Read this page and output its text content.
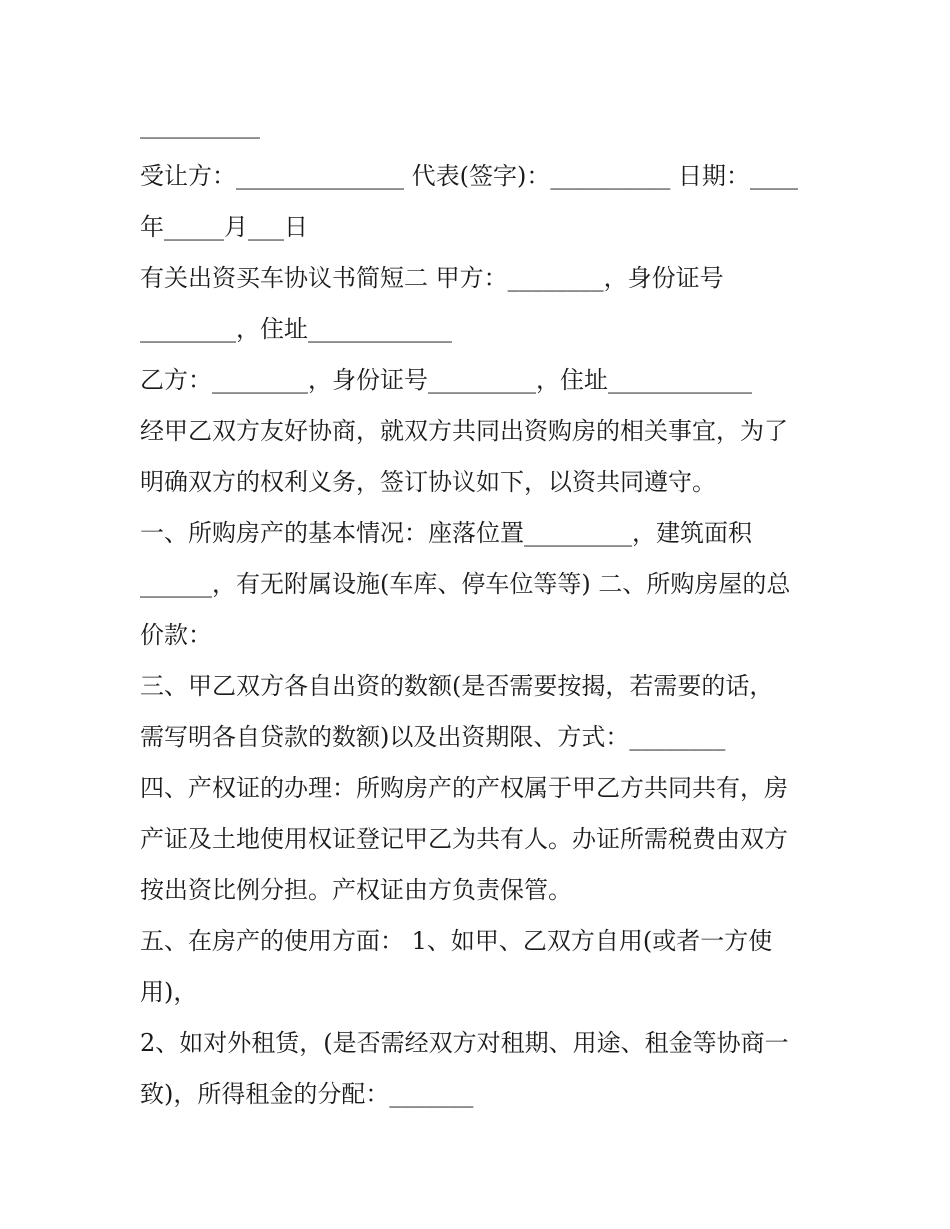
__________
受让方：______________ 代表(签字)：__________ 日期：____
年_____月___日
有关出资买车协议书简短二 甲方：________，身份证号
________，住址____________
乙方：________，身份证号_________，住址____________
经甲乙双方友好协商，就双方共同出资购房的相关事宜，为了
明确双方的权利义务，签订协议如下，以资共同遵守。
一、所购房产的基本情况：座落位置_________，建筑面积
______，有无附属设施(车库、停车位等等) 二、所购房屋的总
价款：
三、甲乙双方各自出资的数额(是否需要按揭，若需要的话，
需写明各自贷款的数额)以及出资期限、方式：________
四、产权证的办理：所购房产的产权属于甲乙方共同共有，房
产证及土地使用权证登记甲乙为共有人。办证所需税费由双方
按出资比例分担。产权证由方负责保管。
五、在房产的使用方面： 1、如甲、乙双方自用(或者一方使
用)，
2、如对外租赁，(是否需经双方对租期、用途、租金等协商一
致)，所得租金的分配：_______
